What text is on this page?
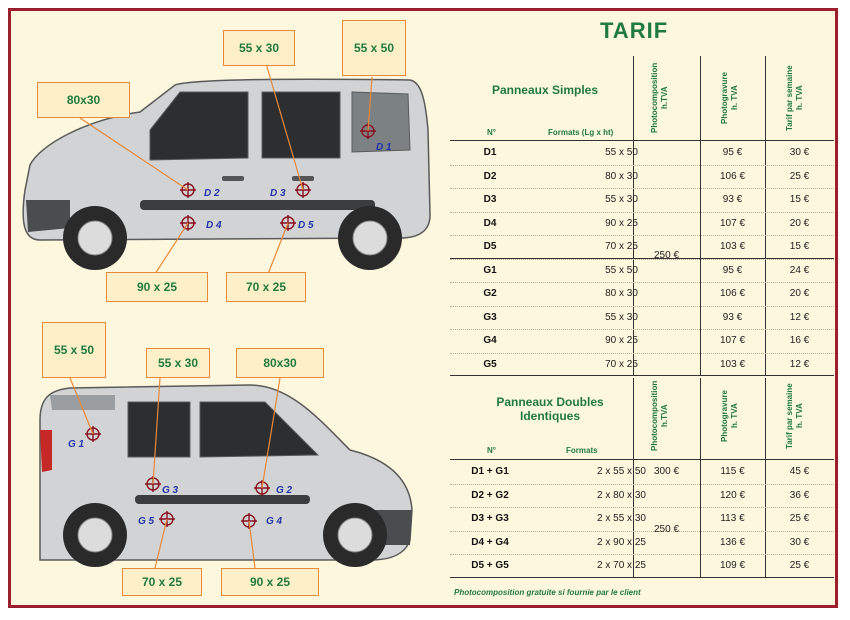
D 1
D 2	D 3
D 4	D 5
G 1
G 2
G 3
G 4
G 5
80x30
55 x 30	55 x 50
90 x 25	70 x 25
55 x 50
55 x 30	80x30
70 x 25	90 x 25
TARIF
Panneaux Simples	Photocomposition
h.TVA	Photogravure
h. TVA
Tarif par semaine
h. TVA
N°	Formats (Lg x ht)
D1	55 x 50	95 €	30 €
D2	80 x 30	106 €	25 €
D3	55 x 30	93 €	15 €
D4	90 x 25	107 €	20 €
D5	70 x 25	103 €	15 €
G1	55 x 50	95 €	24 €
G2	80 x 30	106 €	20 €
G3	55 x 30	93 €	12 €
G4	90 x 25	107 €	16 €
G5	70 x 25	103 €	12 €
250 €
Panneaux Doubles
Identiques	Photocomposition
h.TVA	Photogravure
h. TVA
Tarif par semaine
h. TVA
N°	Formats
D1 + G1	2 x 55 x 50	115 €	45 €
D2 + G2	2 x 80 x 30	120 €	36 €
D3 + G3	2 x 55 x 30	113 €	25 €
D4 + G4	2 x 90 x 25	136 €	30 €
D5 + G5	2 x 70 x 25	109 €	25 €
300 €
250 €
Photocomposition gratuite si fournie par le client
